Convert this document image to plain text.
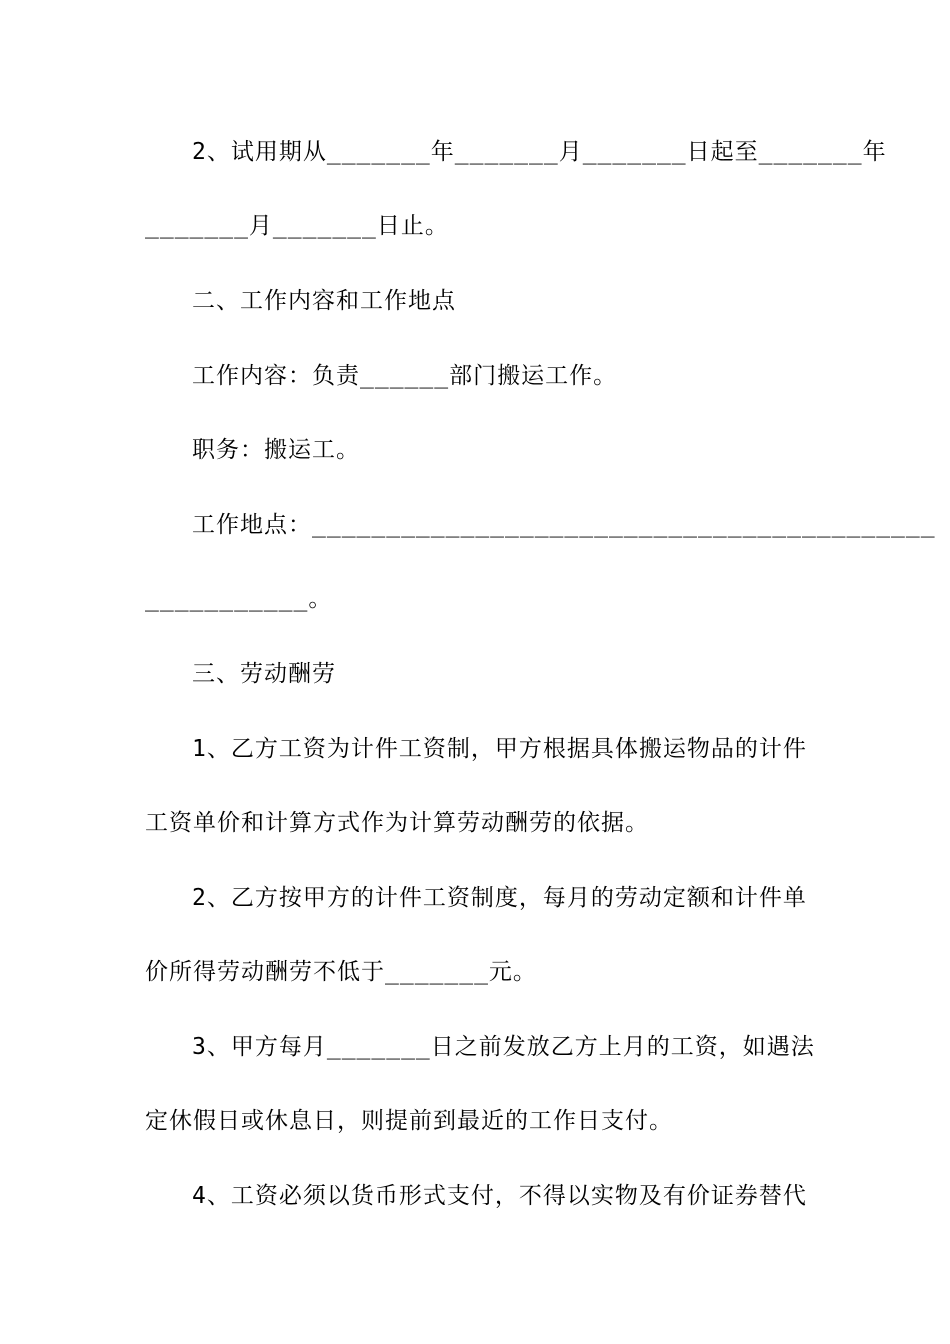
2、试用期从_______年_______月_______日起至_______年
_______月_______日止。
二、工作内容和工作地点
工作内容：负责______部门搬运工作。
职务：搬运工。
工作地点：__________________________________________
___________。
三、劳动酬劳
1、乙方工资为计件工资制，甲方根据具体搬运物品的计件
工资单价和计算方式作为计算劳动酬劳的依据。
2、乙方按甲方的计件工资制度，每月的劳动定额和计件单
价所得劳动酬劳不低于_______元。
3、甲方每月_______日之前发放乙方上月的工资，如遇法
定休假日或休息日，则提前到最近的工作日支付。
4、工资必须以货币形式支付，不得以实物及有价证券替代
